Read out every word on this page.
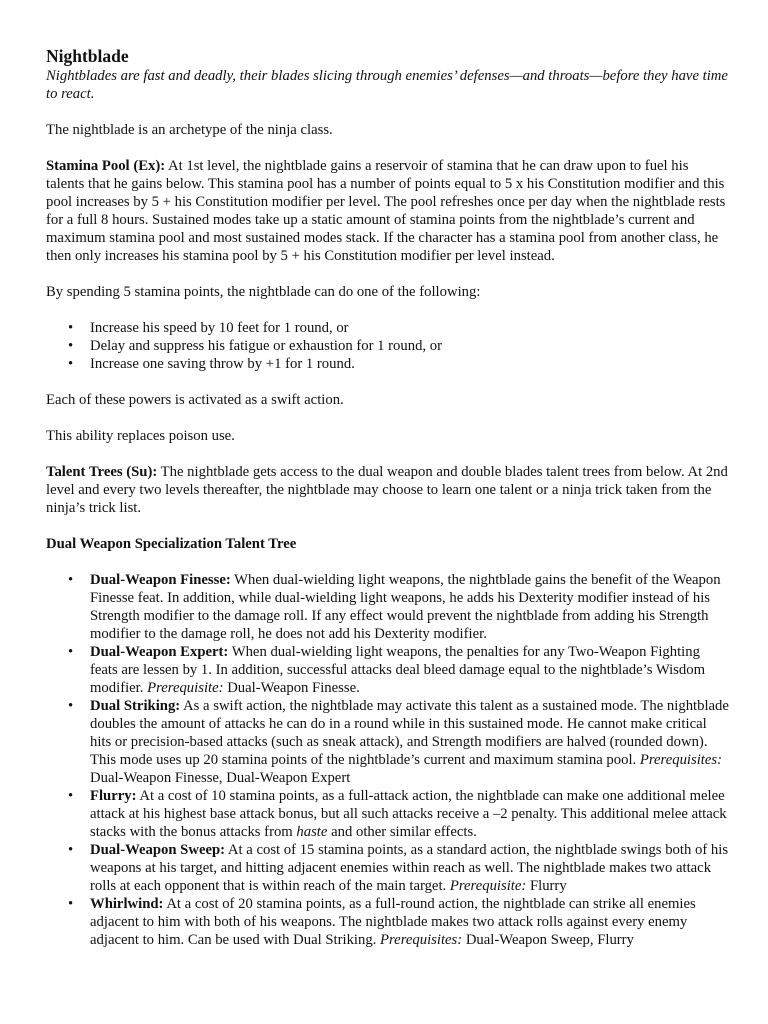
Nightblade

Nightblades are fast and deadly, their blades slicing through enemies’ defenses—and throats—before they have time to react.

The nightblade is an archetype of the ninja class.

Stamina Pool (Ex): At 1st level, the nightblade gains a reservoir of stamina that he can draw upon to fuel his talents that he gains below. This stamina pool has a number of points equal to 5 x his Constitution modifier and this pool increases by 5 + his Constitution modifier per level. The pool refreshes once per day when the nightblade rests for a full 8 hours. Sustained modes take up a static amount of stamina points from the nightblade’s current and maximum stamina pool and most sustained modes stack. If the character has a stamina pool from another class, he then only increases his stamina pool by 5 + his Constitution modifier per level instead.

By spending 5 stamina points, the nightblade can do one of the following:

• Increase his speed by 10 feet for 1 round, or
• Delay and suppress his fatigue or exhaustion for 1 round, or
• Increase one saving throw by +1 for 1 round.

Each of these powers is activated as a swift action.

This ability replaces poison use.

Talent Trees (Su): The nightblade gets access to the dual weapon and double blades talent trees from below. At 2nd level and every two levels thereafter, the nightblade may choose to learn one talent or a ninja trick taken from the ninja’s trick list.

Dual Weapon Specialization Talent Tree

• Dual-Weapon Finesse: When dual-wielding light weapons, the nightblade gains the benefit of the Weapon Finesse feat. In addition, while dual-wielding light weapons, he adds his Dexterity modifier instead of his Strength modifier to the damage roll. If any effect would prevent the nightblade from adding his Strength modifier to the damage roll, he does not add his Dexterity modifier.
• Dual-Weapon Expert: When dual-wielding light weapons, the penalties for any Two-Weapon Fighting feats are lessen by 1. In addition, successful attacks deal bleed damage equal to the nightblade’s Wisdom modifier. Prerequisite: Dual-Weapon Finesse.
• Dual Striking: As a swift action, the nightblade may activate this talent as a sustained mode. The nightblade doubles the amount of attacks he can do in a round while in this sustained mode. He cannot make critical hits or precision-based attacks (such as sneak attack), and Strength modifiers are halved (rounded down). This mode uses up 20 stamina points of the nightblade’s current and maximum stamina pool. Prerequisites: Dual-Weapon Finesse, Dual-Weapon Expert
• Flurry: At a cost of 10 stamina points, as a full-attack action, the nightblade can make one additional melee attack at his highest base attack bonus, but all such attacks receive a –2 penalty. This additional melee attack stacks with the bonus attacks from haste and other similar effects.
• Dual-Weapon Sweep: At a cost of 15 stamina points, as a standard action, the nightblade swings both of his weapons at his target, and hitting adjacent enemies within reach as well. The nightblade makes two attack rolls at each opponent that is within reach of the main target. Prerequisite: Flurry
• Whirlwind: At a cost of 20 stamina points, as a full-round action, the nightblade can strike all enemies adjacent to him with both of his weapons. The nightblade makes two attack rolls against every enemy adjacent to him. Can be used with Dual Striking. Prerequisites: Dual-Weapon Sweep, Flurry
